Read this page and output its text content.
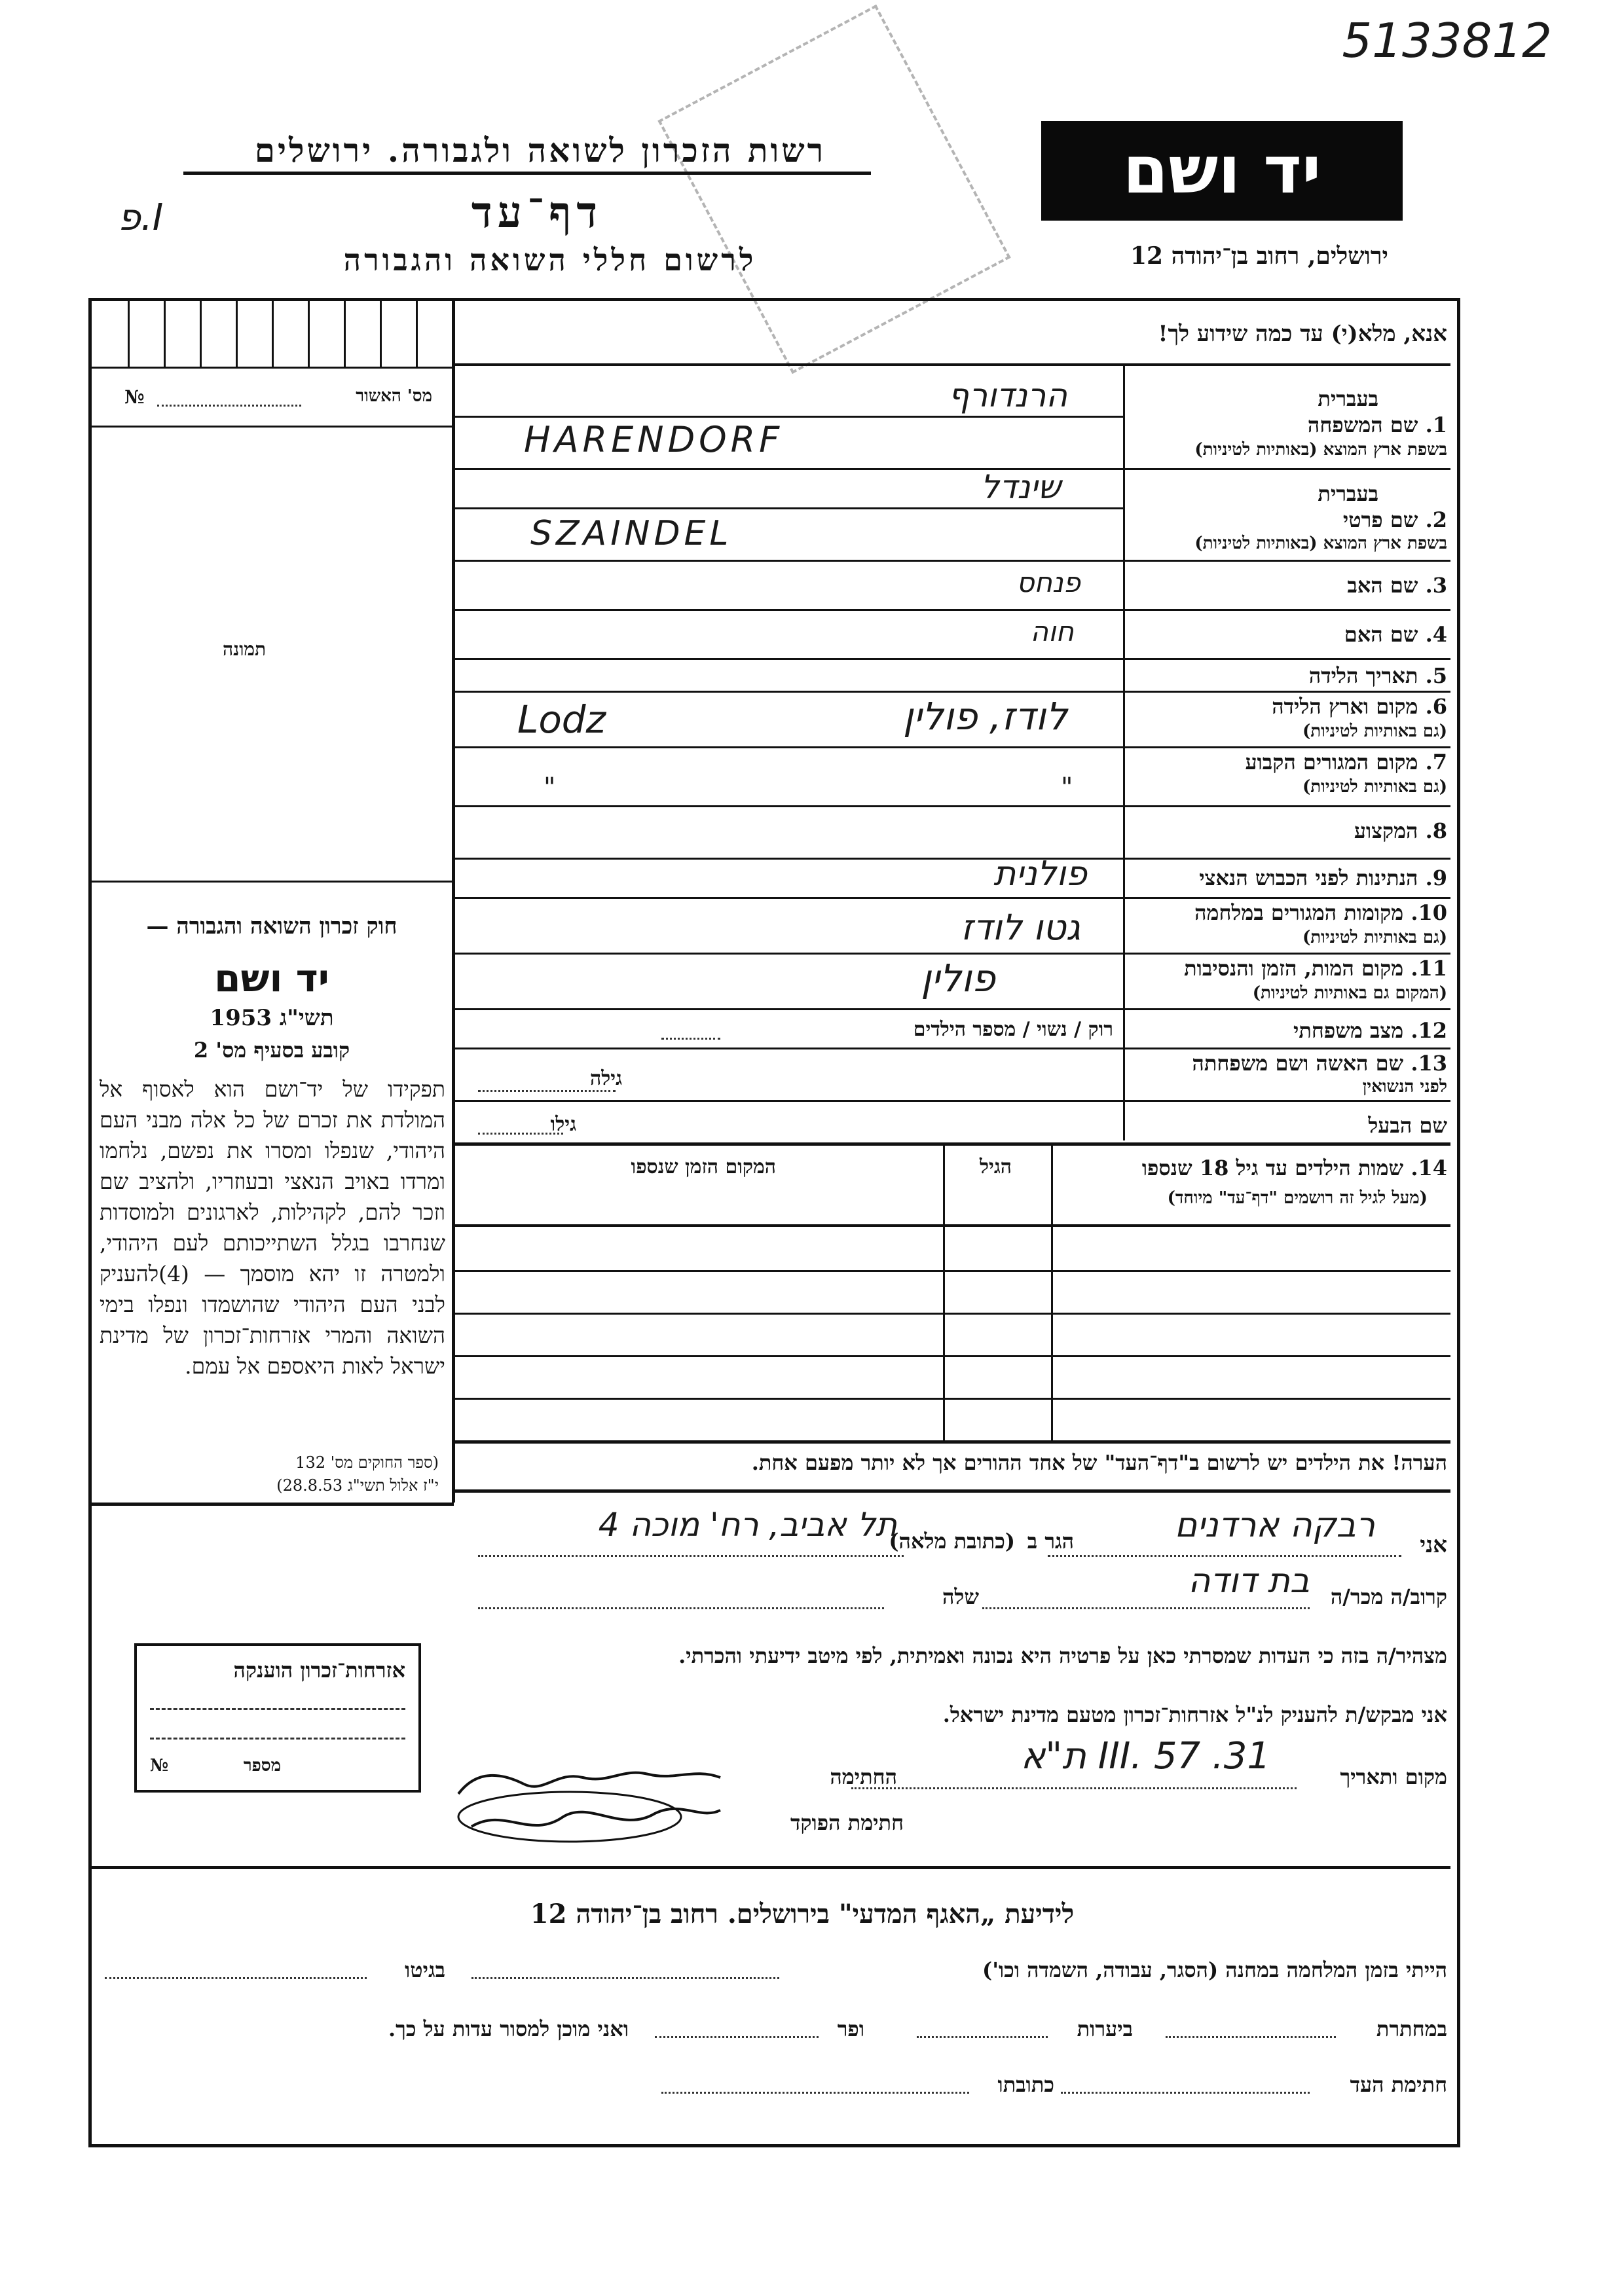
5133812
יד ושם
רשות הזכרון לשואה ולגבורה. ירושלים
דף־עד
לרשום חללי השואה והגבורה	ירושלים, רחוב בן־יהודה 12
פ.I
מס' האשור
№
תמונה
חוק זכרון השואה והגבורה —
יד ושם
תשי"ג 1953
קובע בסעיף מס' 2
תפקידו של יד־ושם הוא לאסוף אל המולדת את זכרם של כל אלה מבני העם היהודי, שנפלו ומסרו את נפשם, נלחמו ומרדו באויב הנאצי ובעוזריו, ולהציב שם וזכר להם, לקהילות, לארגונים ולמוסדות שנחרבו בגלל השתייכותם לעם היהודי, ולמטרה זו יהא מוסמך — (4)להעניק לבני העם היהודי שהושמדו ונפלו בימי השואה והמרי אזרחות־זכרון של מדינת ישראל לאות היאספם אל עמם.
(ספר החוקים מס' 132
י"ז אלול תשי"ג 28.8.53)
אנא, מלא(י) עד כמה שידוע לך!
בעברית
1. שם המשפחה
בשפת ארץ המוצא (באותיות לטיניות)
הרנדורף
HARENDORF
בעברית
2. שם פרטי
בשפת ארץ המוצא (באותיות לטיניות)
שינדל
SZAINDEL
3. שם האב
פנחס
4. שם האם
חוה
5. תאריך הלידה
6. מקום וארץ הלידה
(גם באותיות לטיניות)
Lodz	לודז, פולין
7. מקום המגורים הקבוע
(גם באותיות לטיניות)
"	"
8. המקצוע
9. הנתינות לפני הכבוש הנאצי
פולנית
10. מקומות המגורים במלחמה
(גם באותיות לטיניות)
גטו לודז
11. מקום המות, הזמן והנסיבות
(המקום גם באותיות לטיניות)
פולין
12. מצב משפחתי
רוק / נשוי / מספר הילדים
13. שם האשה ושם משפחתה
לפני הנשואין
גילה
שם הבעל
גילו
14. שמות הילדים עד גיל 18 שנספו
(מעל לגיל זה רושמים "דף־עד" מיוחד)
הגיל
המקום הזמן שנספו
הערה! את הילדים יש לרשום ב"דף־העד" של אחד ההורים אך לא יותר מפעם אחת.
אני
רבקה ארדנים
הגר ב
(כתובת מלאה)
תל אביב, רח' מוכה 4
קרוב/ה מכר/ה
בת דודה
שלה
מצהיר/ה בזה כי העדות שמסרתי כאן על פרטיה היא נכונה ואמיתית, לפי מיטב ידיעתי והכרתי.
אני מבקש/ת להעניק לנ"ל אזרחות־זכרון מטעם מדינת ישראל.
מקום ותאריך
31. III. 57 ת"א
החתימה
חתימת הפוקד
אזרחות־זכרון הוענקה
מספר
№
לידיעת „האגף המדעי" בירושלים. רחוב בן־יהודה 12
הייתי בזמן המלחמה במחנה (הסגר, עבודה, השמדה וכו')
בגיטו
במחתרת
ביערות
ופר
ואני מוכן למסור עדות על כך.
חתימת העד
כתובתו
